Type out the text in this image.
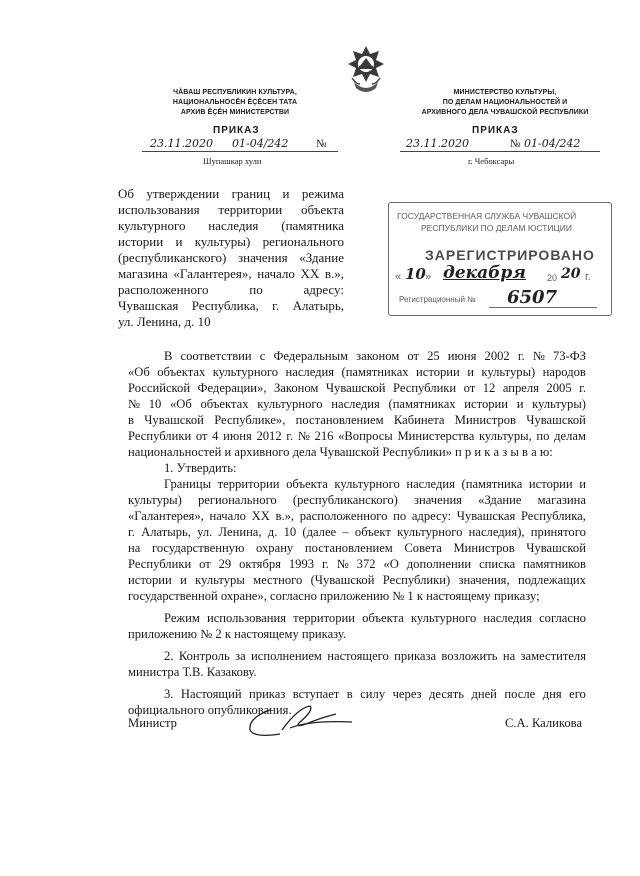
ЧӐВАШ РЕСПУБЛИКИН КУЛЬТУРА,
НАЦИОНАЛЬНОСӖН ӖҪӖСЕН ТАТА
АРХИВ ӖҪӖН МИНИСТЕРСТВИ
ПРИКАЗ
23.11.2020 01-04/242	№
Шупашкар хули
МИНИСТЕРСТВО КУЛЬТУРЫ,
ПО ДЕЛАМ НАЦИОНАЛЬНОСТЕЙ И
АРХИВНОГО ДЕЛА ЧУВАШСКОЙ РЕСПУБЛИКИ
ПРИКАЗ
23.11.2020	№ 01-04/242
г. Чебоксары
Об утверждении границ и режима
использования территории объекта
культурного наследия (памятника
истории и культуры) регионального
(республиканского) значения «Здание
магазина «Галантерея», начало XX в.»,
расположенного	по	адресу:
Чувашская Республика, г. Алатырь,
ул. Ленина, д. 10
ГОСУДАРСТВЕННАЯ СЛУЖБА ЧУВАШСКОЙ
РЕСПУБЛИКИ ПО ДЕЛАМ ЮСТИЦИИ
ЗАРЕГИСТРИРОВАНО
« 10 » декабря 20 20 г.
Регистрационный № 6507
В соответствии с Федеральным законом от 25 июня 2002 г. № 73-ФЗ
«Об объектах культурного наследия (памятниках истории и культуры) народов
Российской Федерации», Законом Чувашской Республики от 12 апреля 2005 г.
№ 10 «Об объектах культурного наследия (памятниках истории и культуры)
в Чувашской Республике», постановлением Кабинета Министров Чувашской
Республики от 4 июня 2012 г. № 216 «Вопросы Министерства культуры, по делам
национальностей и архивного дела Чувашской Республики» п р и к а з ы в а ю:
1. Утвердить:
Границы территории объекта культурного наследия (памятника истории и
культуры) регионального (республиканского) значения «Здание магазина
«Галантерея», начало XX в.», расположенного по адресу: Чувашская Республика,
г. Алатырь, ул. Ленина, д. 10 (далее – объект культурного наследия), принятого
на государственную охрану постановлением Совета Министров Чувашской
Республики от 29 октября 1993 г. № 372 «О дополнении списка памятников
истории и культуры местного (Чувашской Республики) значения, подлежащих
государственной охране», согласно приложению № 1 к настоящему приказу;
Режим использования территории объекта культурного наследия согласно
приложению № 2 к настоящему приказу.
2. Контроль за исполнением настоящего приказа возложить на заместителя
министра Т.В. Казакову.
3. Настоящий приказ вступает в силу через десять дней после дня его
официального опубликования.
Министр	С.А. Каликова
